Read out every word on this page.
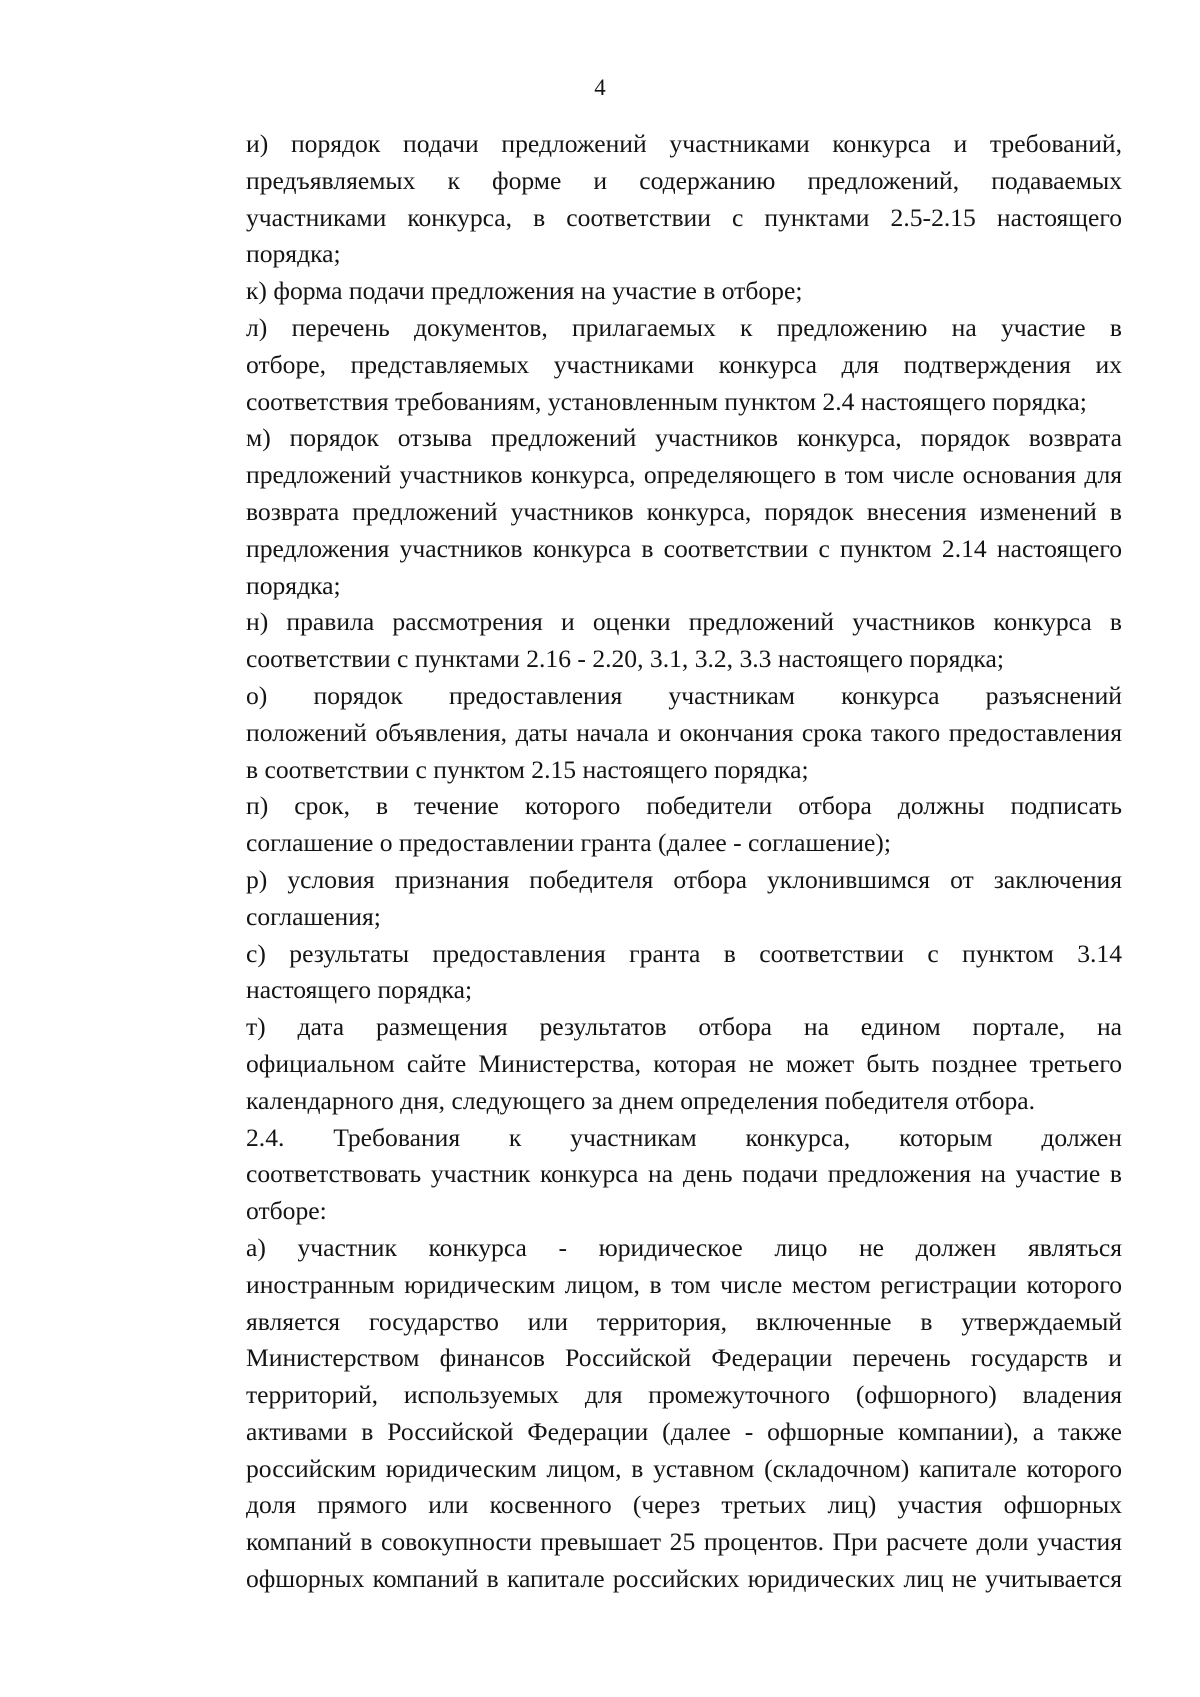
4

и) порядок подачи предложений участниками конкурса и требований,
предъявляемых к форме и содержанию предложений, подаваемых
участниками конкурса, в соответствии с пунктами 2.5-2.15 настоящего
порядка;

к) форма подачи предложения на участие в отборе;

л) перечень документов, прилагаемых к предложению на участие в
отборе, представляемых участниками конкурса для подтверждения их
соответствия требованиям, установленным пунктом 2.4 настоящего порядка;

м) порядок отзыва предложений участников конкурса, порядок возврата
предложений участников конкурса, определяющего в том числе основания для
возврата предложений участников конкурса, порядок внесения изменений в
предложения участников конкурса в соответствии с пунктом 2.14 настоящего
порядка;

н) правила рассмотрения и оценки предложений участников конкурса в
соответствии с пунктами 2.16 - 2.20, 3.1, 3.2, 3.3 настоящего порядка;

о) порядок предоставления участникам конкурса разъяснений
положений объявления, даты начала и окончания срока такого предоставления
в соответствии с пунктом 2.15 настоящего порядка;

п) срок, в течение которого победители отбора должны подписать
соглашение о предоставлении гранта (далее - соглашение);

р) условия признания победителя отбора уклонившимся от заключения
соглашения;

с) результаты предоставления гранта в соответствии с пунктом 3.14
настоящего порядка;

т) дата размещения результатов отбора на едином портале, на
официальном сайте Министерства, которая не может быть позднее третьего
календарного дня, следующего за днем определения победителя отбора.

2.4. Требования к участникам конкурса, которым должен
соответствовать участник конкурса на день подачи предложения на участие в
отборе:

а) участник конкурса - юридическое лицо не должен являться
иностранным юридическим лицом, в том числе местом регистрации которого
является государство или территория, включенные в утверждаемый
Министерством финансов Российской Федерации перечень государств и
территорий, используемых для промежуточного (офшорного) владения
активами в Российской Федерации (далее - офшорные компании), а также
российским юридическим лицом, в уставном (складочном) капитале которого
доля прямого или косвенного (через третьих лиц) участия офшорных
компаний в совокупности превышает 25 процентов. При расчете доли участия
офшорных компаний в капитале российских юридических лиц не учитывается
